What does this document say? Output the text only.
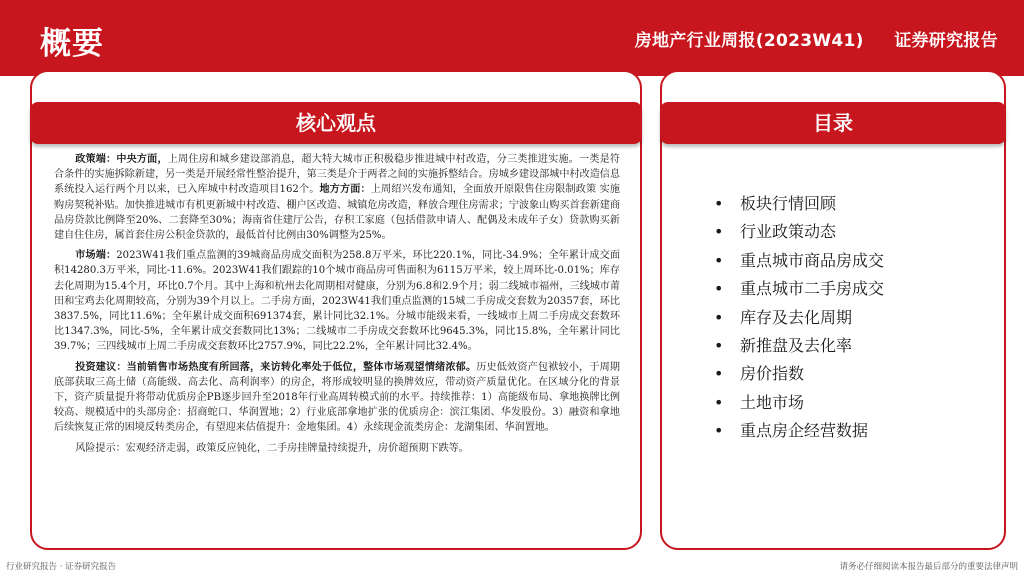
概要	房地产行业周报(2023W41) 证券研究报告
核心观点

政策端：中央方面，上周住房和城乡建设部消息，超大特大城市正积极稳步推进城中村改造，分三类推进实施。一类是符合条件的实施拆除新建，另一类是开展经常性整治提升，第三类是介于两者之间的实施拆整结合。房城乡建设部城中村改造信息系统投入运行两个月以来，已入库城中村改造项目162个。地方方面：上周绍兴发布通知，全面放开原限售住房限制政策 实施购房契税补贴。加快推进城市有机更新城中村改造、棚户区改造、城镇危房改造，释放合理住房需求；宁波象山购买首套新建商品房贷款比例降至20%、二套降至30%；海南省住建厅公告，存积工家庭（包括借款申请人、配偶及未成年子女）贷款购买新建自住住房，属首套住房公积金贷款的，最低首付比例由30%调整为25%。

市场端：2023W41我们重点监测的39城商品房成交面积为258.8万平米，环比220.1%，同比-34.9%；全年累计成交面积14280.3万平米，同比-11.6%。2023W41我们跟踪的10个城市商品房可售面积为6115万平米，较上周环比-0.01%；库存去化周期为15.4个月，环比0.7个月。其中上海和杭州去化周期相对健康，分别为6.8和2.9个月；弱二线城市福州，三线城市莆田和宝鸡去化周期较高，分别为39个月以上。二手房方面，2023W41我们重点监测的15城二手房成交套数为20357套，环比3837.5%，同比11.6%；全年累计成交面积691374套，累计同比32.1%。分城市能级来看，一线城市上周二手房成交套数环比1347.3%，同比-5%，全年累计成交套数同比13%；二线城市二手房成交套数环比9645.3%，同比15.8%，全年累计同比39.7%；三四线城市上周二手房成交套数环比2757.9%，同比22.2%，全年累计同比32.4%。

投资建议：当前销售市场热度有所回落，来访转化率处于低位，整体市场观望情绪浓郁。历史低效资产包袱较小，于周期底部获取三高土储（高能级、高去化、高利润率）的房企，将形成较明显的换牌效应，带动资产质量优化。在区域分化的背景下，资产质量提升将带动优质房企PB逐步回升至2018年行业高周转模式前的水平。持续推荐：1）高能级布局、拿地换牌比例较高、规模适中的头部房企：招商蛇口、华润置地；2）行业底部拿地扩张的优质房企：滨江集团、华发股份。3）融资和拿地后续恢复正常的困境反转类房企，有望迎来估值提升：金地集团。4）永续现金流类房企：龙湖集团、华润置地。

风险提示：宏观经济走弱，政策反应钝化，二手房挂牌量持续提升，房价超预期下跌等。

目录
• 板块行情回顾
• 行业政策动态
• 重点城市商品房成交
• 重点城市二手房成交
• 库存及去化周期
• 新推盘及去化率
• 房价指数
• 土地市场
• 重点房企经营数据
行业研究报告 · 证券研究报告	请务必仔细阅读本报告最后部分的重要法律声明
